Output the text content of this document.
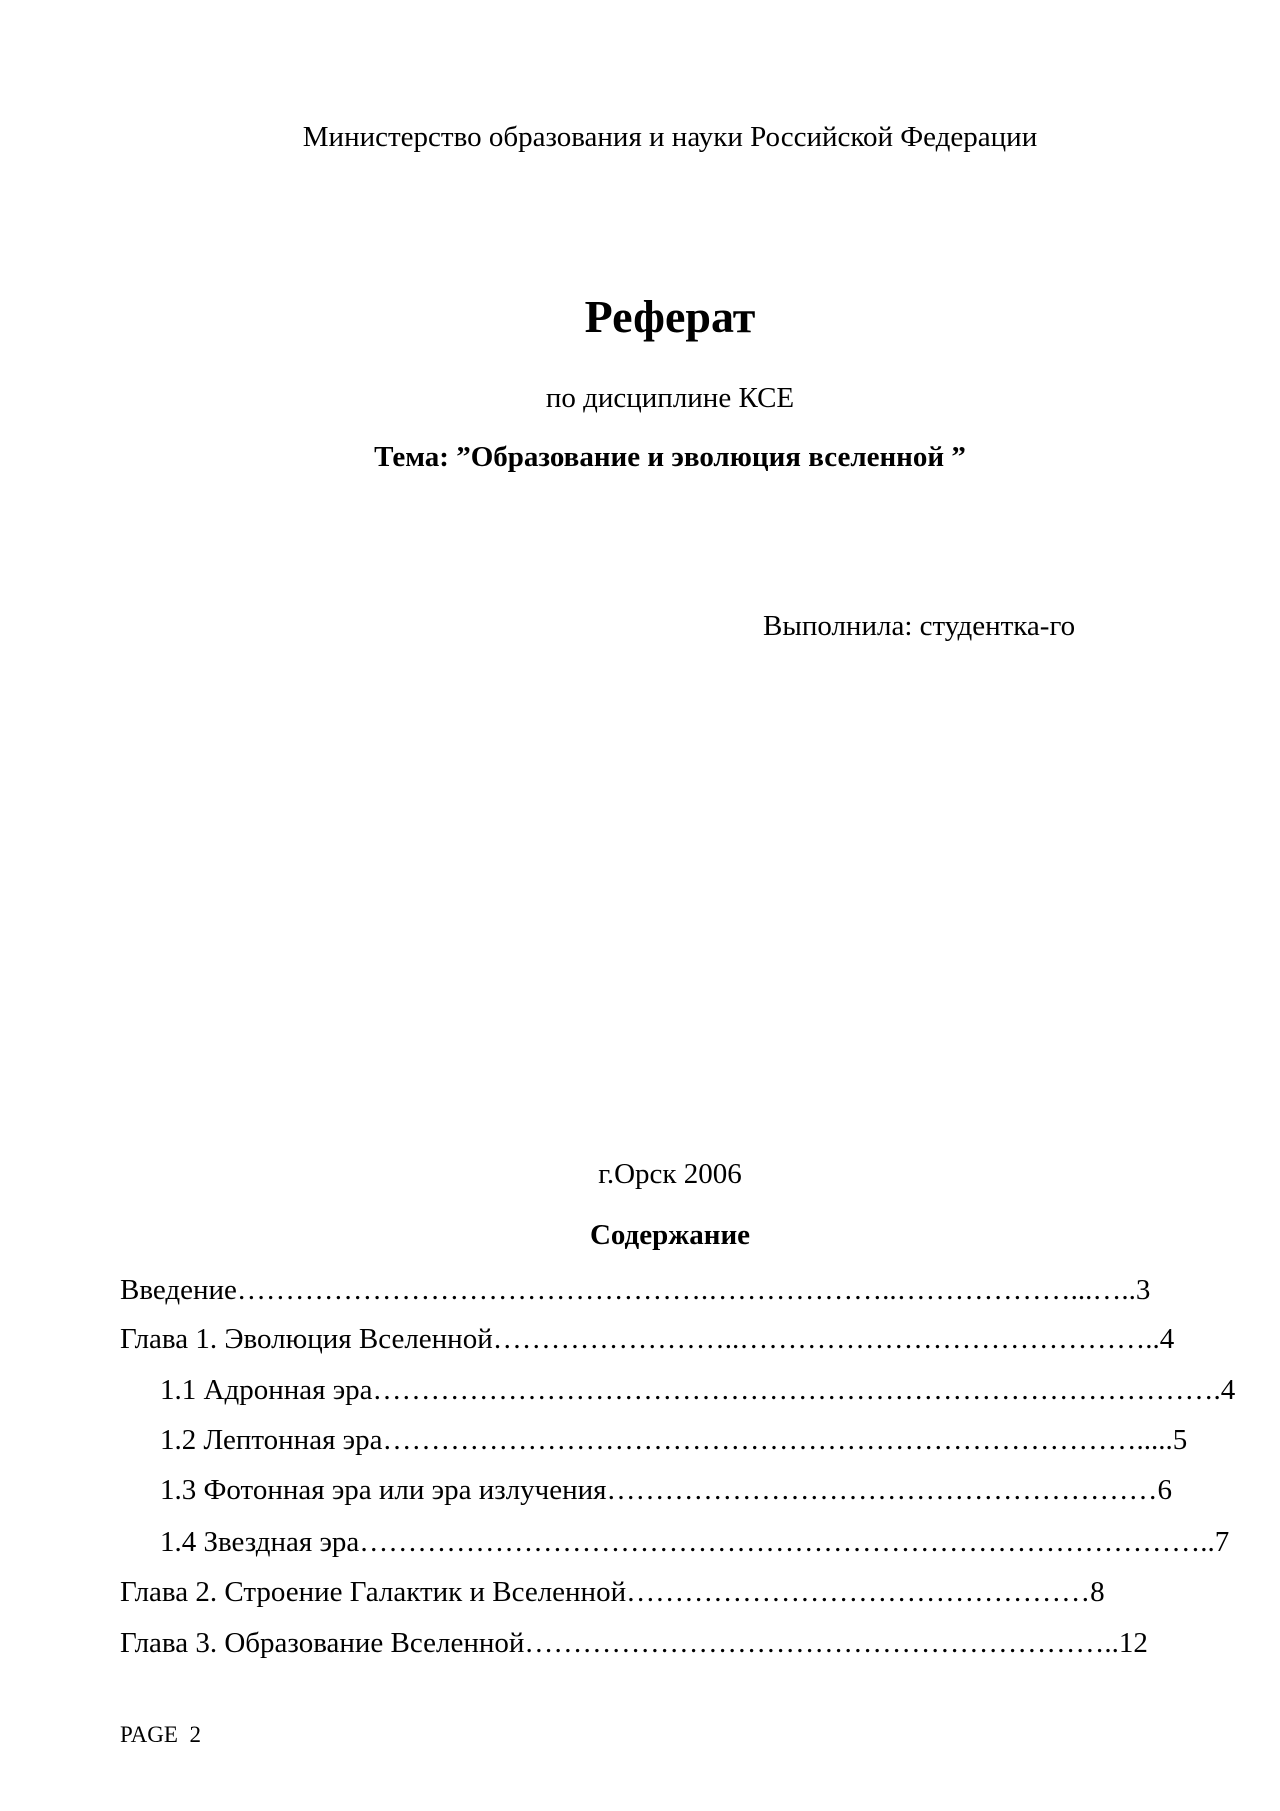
Министерство образования и науки Российской Федерации
Реферат
по дисциплине КСЕ
Тема: ”Образование и эволюция вселенной ”
Выполнила: студентка-го
г.Орск 2006
Содержание
Введение………………………………………….………………..………………...…..3
Глава 1. Эволюция Вселенной……………………..……………………………………..4
1.1 Адронная эра…………………………………………………………………………….4
1.2 Лептонная эра…………………………………………………………………….....5
1.3 Фотонная эра или эра излучения…………………………………………………6
1.4 Звездная эра……………………………………………………………………………..7
Глава 2. Строение Галактик и Вселенной…………………………………………8
Глава 3. Образование Вселенной……………………………………………………..12
PAGE  2
